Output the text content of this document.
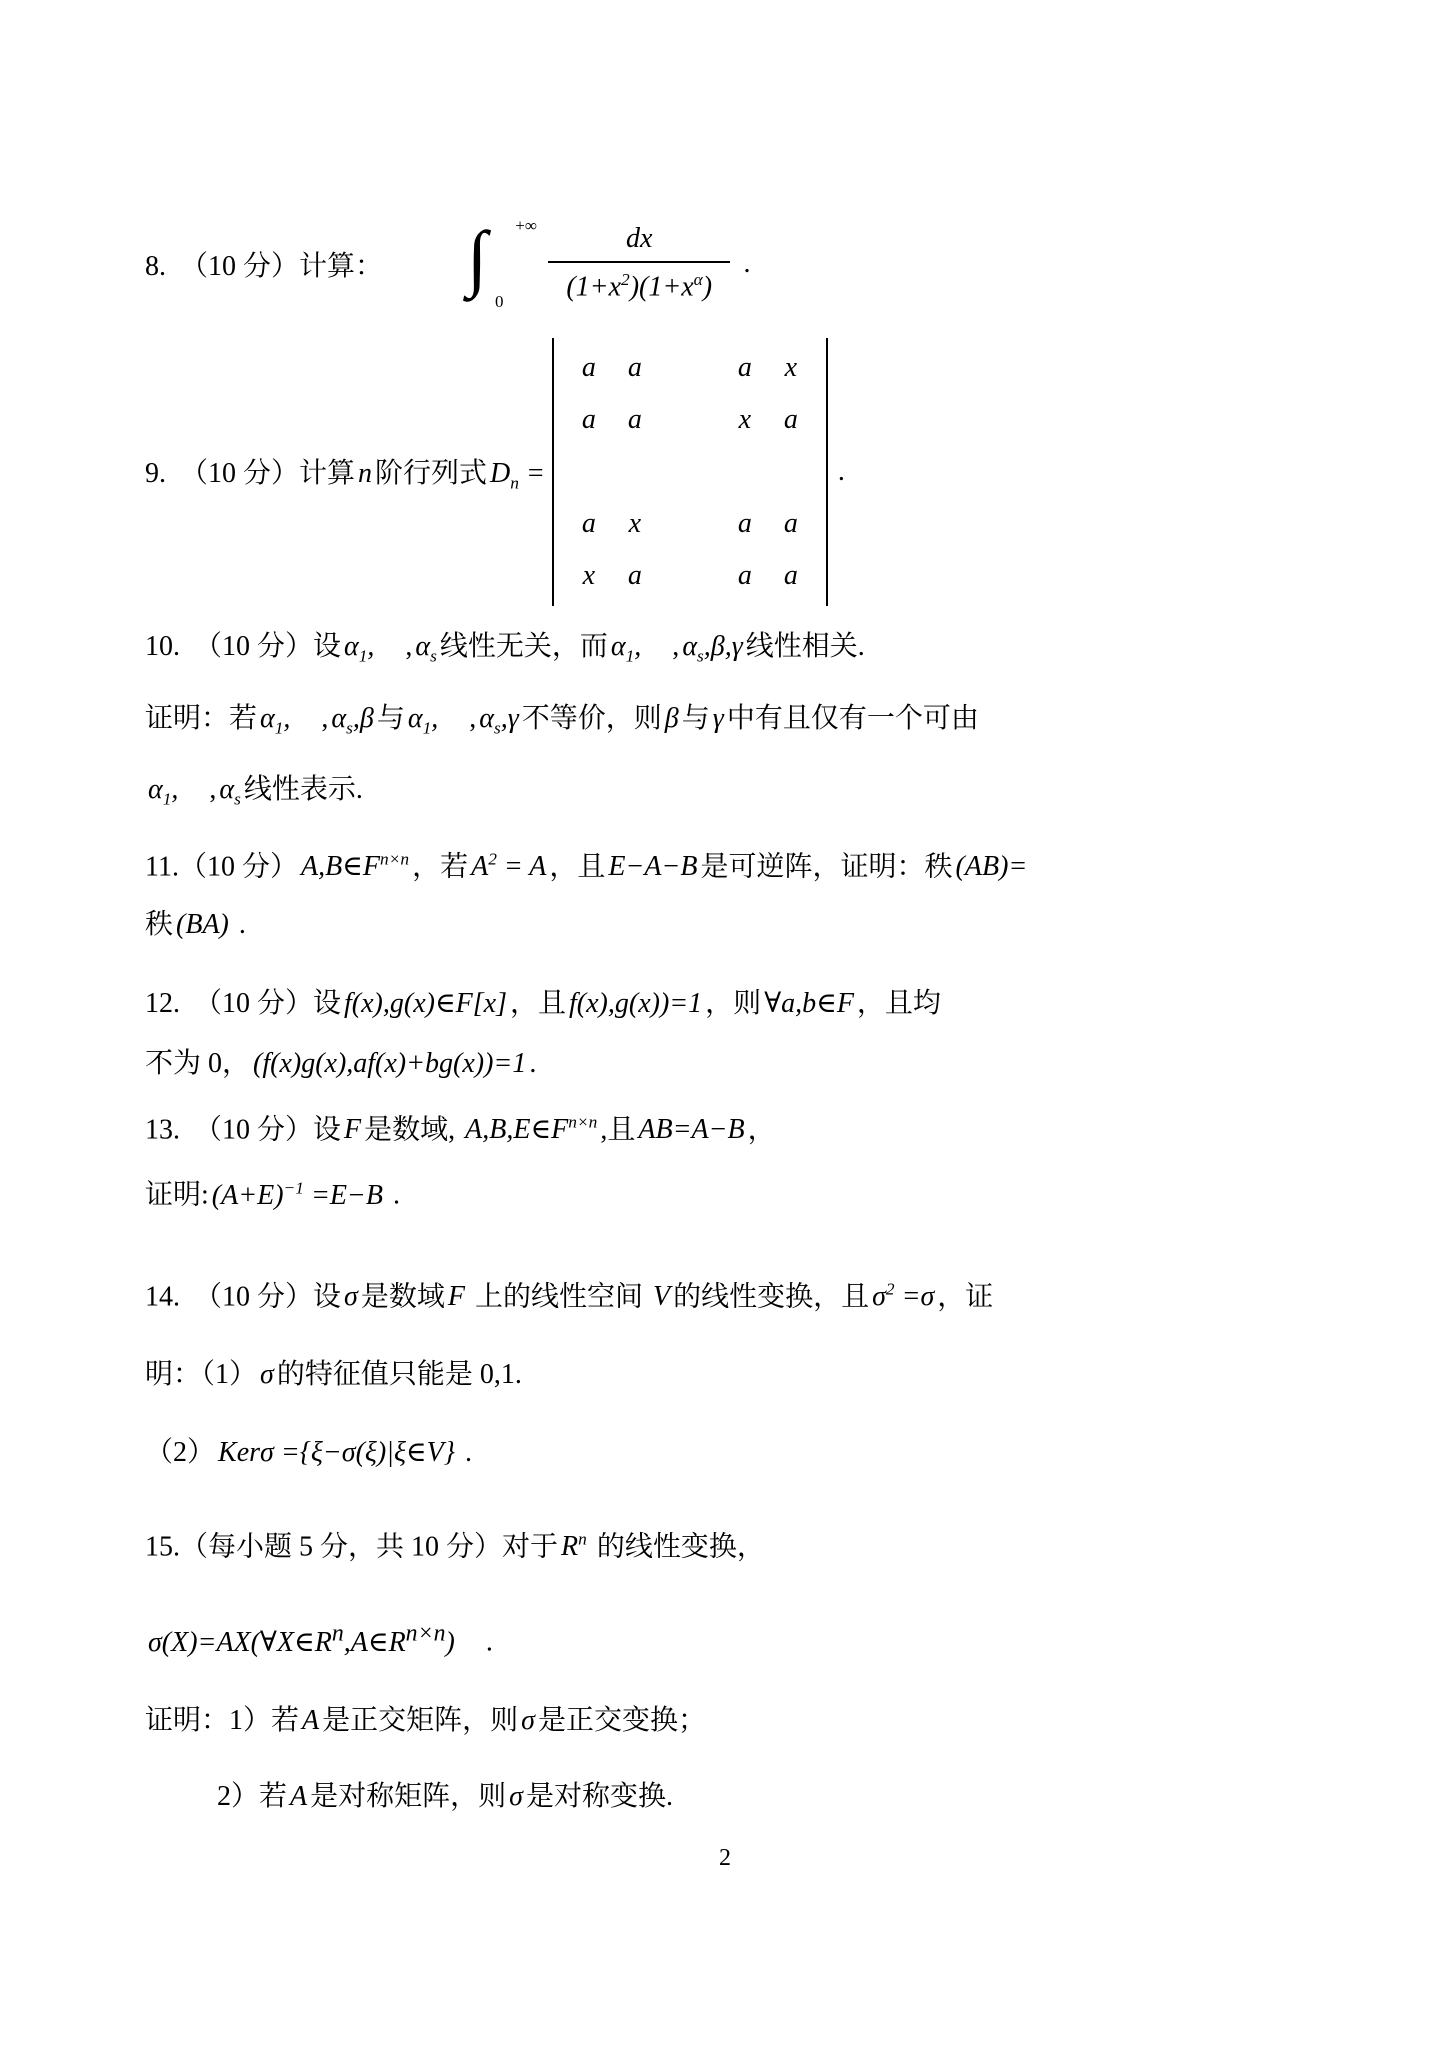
8.　（10 分）计算： ∫ +∞
$0 \frac{dx}{(1+x^2)(1+x^\alpha)}$ .
9.　（10 分）计算 n 阶行列式 $D_n$ =
a	a	a	x
a	a	x	a
a	x	a	a
x	a	a	a
.
10.　（10 分）设 $\alpha_1$,　, $\alpha_s$ 线性无关，而 $\alpha_1$,　, $\alpha_s,\beta,\gamma$ 线性相关.
证明：若 $\alpha_1$,　, $\alpha_s,\beta$ 与 $\alpha_1$,　, $\alpha_s,\gamma$ 不等价，则 β 与 γ 中有且仅有一个可由
$\alpha_1$,　, $\alpha_s$ 线性表示.
11.（10 分） $A,B\in F^{n\times n}$ ，若 $A^2 = A$ ，且 E−A−B 是可逆阵，证明：秩 (AB)=
秩 (BA) .
12.　（10 分）设 f(x),g(x)∈F[x] ，且 f(x),g(x))=1 ，则 ∀a,b∈F ，且均
不为 0， (f(x)g(x),af(x)+bg(x))=1 .
13.　（10 分）设 F 是数域, $A,B,E\in F^{n\times n}$ ,且 AB=A−B ，
证明: $(A+E)^{-1} =E-B$ .
14.　（10 分）设 σ 是数域 F 上的线性空间 V 的线性变换，且 $\sigma^2 =\sigma$ ，证
明：（1） σ 的特征值只能是 0,1.
（2） Kerσ ={ξ−σ(ξ)|ξ∈V} .
15.（每小题 5 分，共 10 分）对于 $R^n$ 的线性变换，
$\sigma(X)=AX(\forall X\in R^n,A\in R^{n\times n})$　.
证明：1）若 A 是正交矩阵，则 σ 是正交变换；
2）若 A 是对称矩阵，则 σ 是对称变换.
2
